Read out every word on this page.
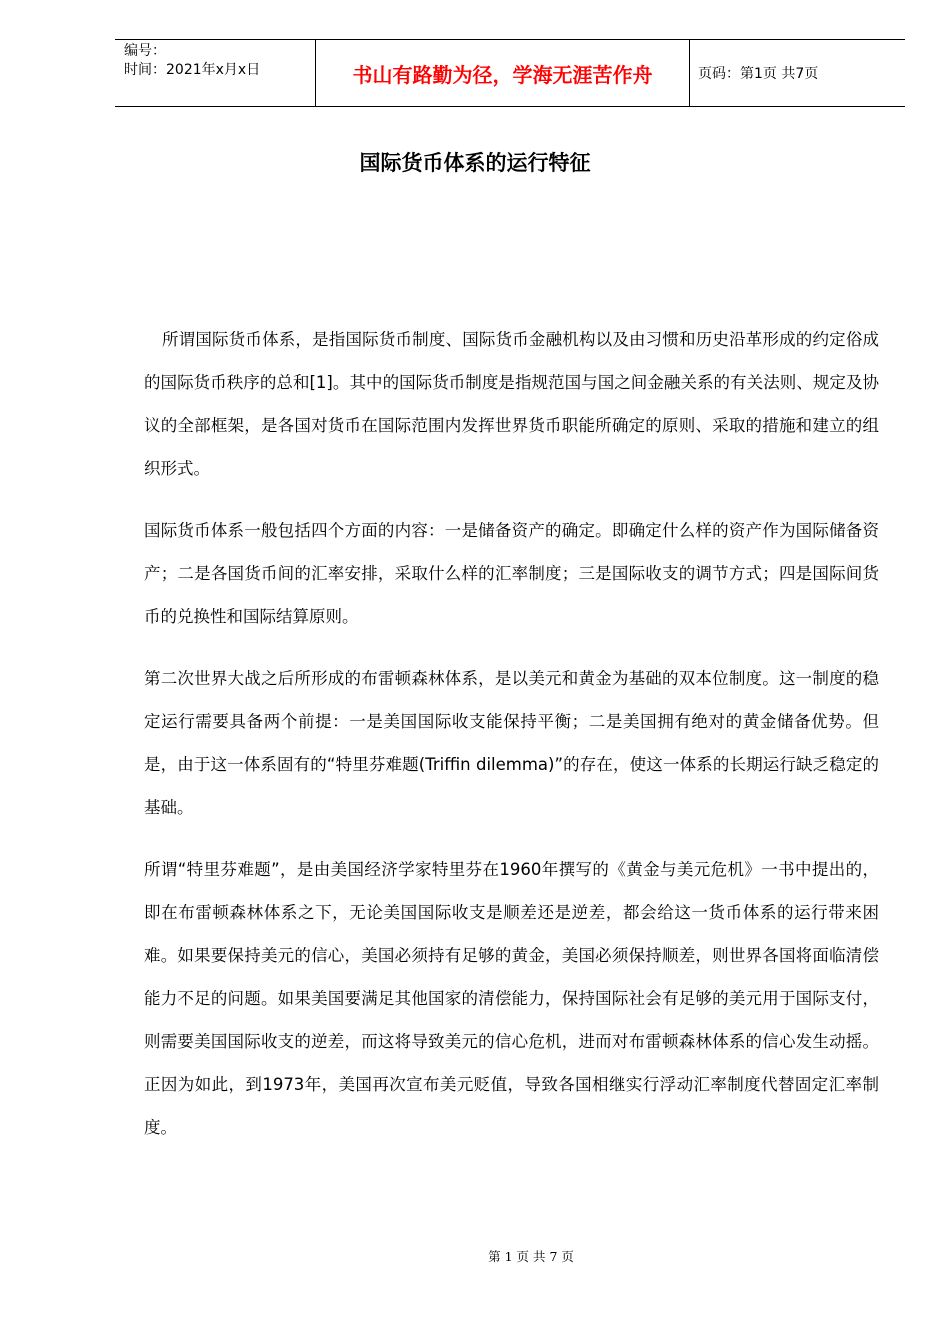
编号：
时间：2021年x月x日	书山有路勤为径，学海无涯苦作舟	页码：第1页 共7页
国际货币体系的运行特征

所谓国际货币体系，是指国际货币制度、国际货币金融机构以及由习惯和历史沿革形成的约定俗成的国际货币秩序的总和[1]。其中的国际货币制度是指规范国与国之间金融关系的有关法则、规定及协议的全部框架，是各国对货币在国际范围内发挥世界货币职能所确定的原则、采取的措施和建立的组织形式。

国际货币体系一般包括四个方面的内容：一是储备资产的确定。即确定什么样的资产作为国际储备资产；二是各国货币间的汇率安排，采取什么样的汇率制度；三是国际收支的调节方式；四是国际间货币的兑换性和国际结算原则。

第二次世界大战之后所形成的布雷顿森林体系，是以美元和黄金为基础的双本位制度。这一制度的稳定运行需要具备两个前提：一是美国国际收支能保持平衡；二是美国拥有绝对的黄金储备优势。但是，由于这一体系固有的“特里芬难题(Triffin dilemma)”的存在，使这一体系的长期运行缺乏稳定的基础。

所谓“特里芬难题”，是由美国经济学家特里芬在1960年撰写的《黄金与美元危机》一书中提出的，即在布雷顿森林体系之下，无论美国国际收支是顺差还是逆差，都会给这一货币体系的运行带来困难。如果要保持美元的信心，美国必须持有足够的黄金，美国必须保持顺差，则世界各国将面临清偿能力不足的问题。如果美国要满足其他国家的清偿能力，保持国际社会有足够的美元用于国际支付，则需要美国国际收支的逆差，而这将导致美元的信心危机，进而对布雷顿森林体系的信心发生动摇。正因为如此，到1973年，美国再次宣布美元贬值，导致各国相继实行浮动汇率制度代替固定汇率制度。

第 1 页 共 7 页
